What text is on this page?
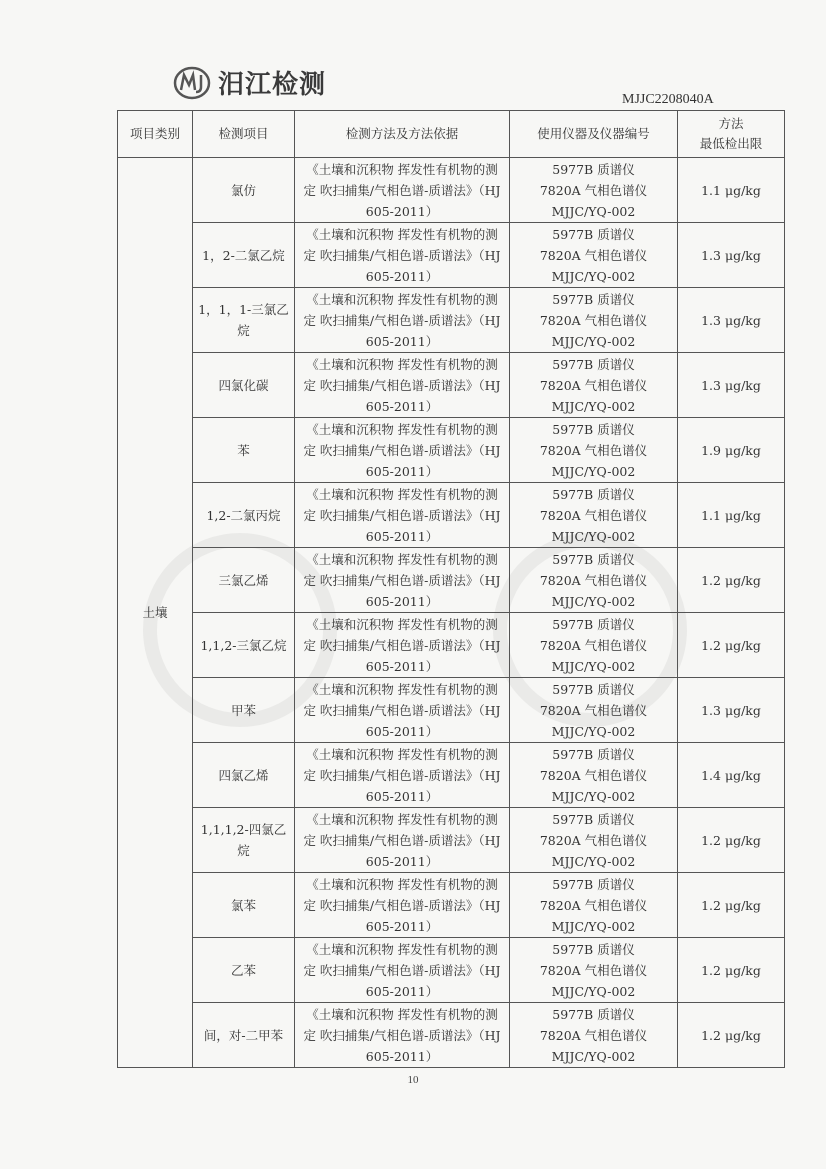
汨江检测	MJJC2208040A
项目类别	检测项目	检测方法及方法依据	使用仪器及仪器编号	方法
最低检出限

土壤	氯仿	《土壤和沉积物 挥发性有机物的测定 吹扫捕集/气相色谱-质谱法》（HJ 605-2011）	5977B 质谱仪 7820A 气相色谱仪 MJJC/YQ-002	1.1 μg/kg
	1，2-二氯乙烷	《土壤和沉积物 挥发性有机物的测定 吹扫捕集/气相色谱-质谱法》（HJ 605-2011）	5977B 质谱仪 7820A 气相色谱仪 MJJC/YQ-002	1.3 μg/kg
	1，1，1-三氯乙烷	《土壤和沉积物 挥发性有机物的测定 吹扫捕集/气相色谱-质谱法》（HJ 605-2011）	5977B 质谱仪 7820A 气相色谱仪 MJJC/YQ-002	1.3 μg/kg
	四氯化碳	《土壤和沉积物 挥发性有机物的测定 吹扫捕集/气相色谱-质谱法》（HJ 605-2011）	5977B 质谱仪 7820A 气相色谱仪 MJJC/YQ-002	1.3 μg/kg
	苯	《土壤和沉积物 挥发性有机物的测定 吹扫捕集/气相色谱-质谱法》（HJ 605-2011）	5977B 质谱仪 7820A 气相色谱仪 MJJC/YQ-002	1.9 μg/kg
	1,2-二氯丙烷	《土壤和沉积物 挥发性有机物的测定 吹扫捕集/气相色谱-质谱法》（HJ 605-2011）	5977B 质谱仪 7820A 气相色谱仪 MJJC/YQ-002	1.1 μg/kg
	三氯乙烯	《土壤和沉积物 挥发性有机物的测定 吹扫捕集/气相色谱-质谱法》（HJ 605-2011）	5977B 质谱仪 7820A 气相色谱仪 MJJC/YQ-002	1.2 μg/kg
	1,1,2-三氯乙烷	《土壤和沉积物 挥发性有机物的测定 吹扫捕集/气相色谱-质谱法》（HJ 605-2011）	5977B 质谱仪 7820A 气相色谱仪 MJJC/YQ-002	1.2 μg/kg
	甲苯	《土壤和沉积物 挥发性有机物的测定 吹扫捕集/气相色谱-质谱法》（HJ 605-2011）	5977B 质谱仪 7820A 气相色谱仪 MJJC/YQ-002	1.3 μg/kg
	四氯乙烯	《土壤和沉积物 挥发性有机物的测定 吹扫捕集/气相色谱-质谱法》（HJ 605-2011）	5977B 质谱仪 7820A 气相色谱仪 MJJC/YQ-002	1.4 μg/kg
	1,1,1,2-四氯乙烷	《土壤和沉积物 挥发性有机物的测定 吹扫捕集/气相色谱-质谱法》（HJ 605-2011）	5977B 质谱仪 7820A 气相色谱仪 MJJC/YQ-002	1.2 μg/kg
	氯苯	《土壤和沉积物 挥发性有机物的测定 吹扫捕集/气相色谱-质谱法》（HJ 605-2011）	5977B 质谱仪 7820A 气相色谱仪 MJJC/YQ-002	1.2 μg/kg
	乙苯	《土壤和沉积物 挥发性有机物的测定 吹扫捕集/气相色谱-质谱法》（HJ 605-2011）	5977B 质谱仪 7820A 气相色谱仪 MJJC/YQ-002	1.2 μg/kg
	间，对-二甲苯	《土壤和沉积物 挥发性有机物的测定 吹扫捕集/气相色谱-质谱法》（HJ 605-2011）	5977B 质谱仪 7820A 气相色谱仪 MJJC/YQ-002	1.2 μg/kg
10
